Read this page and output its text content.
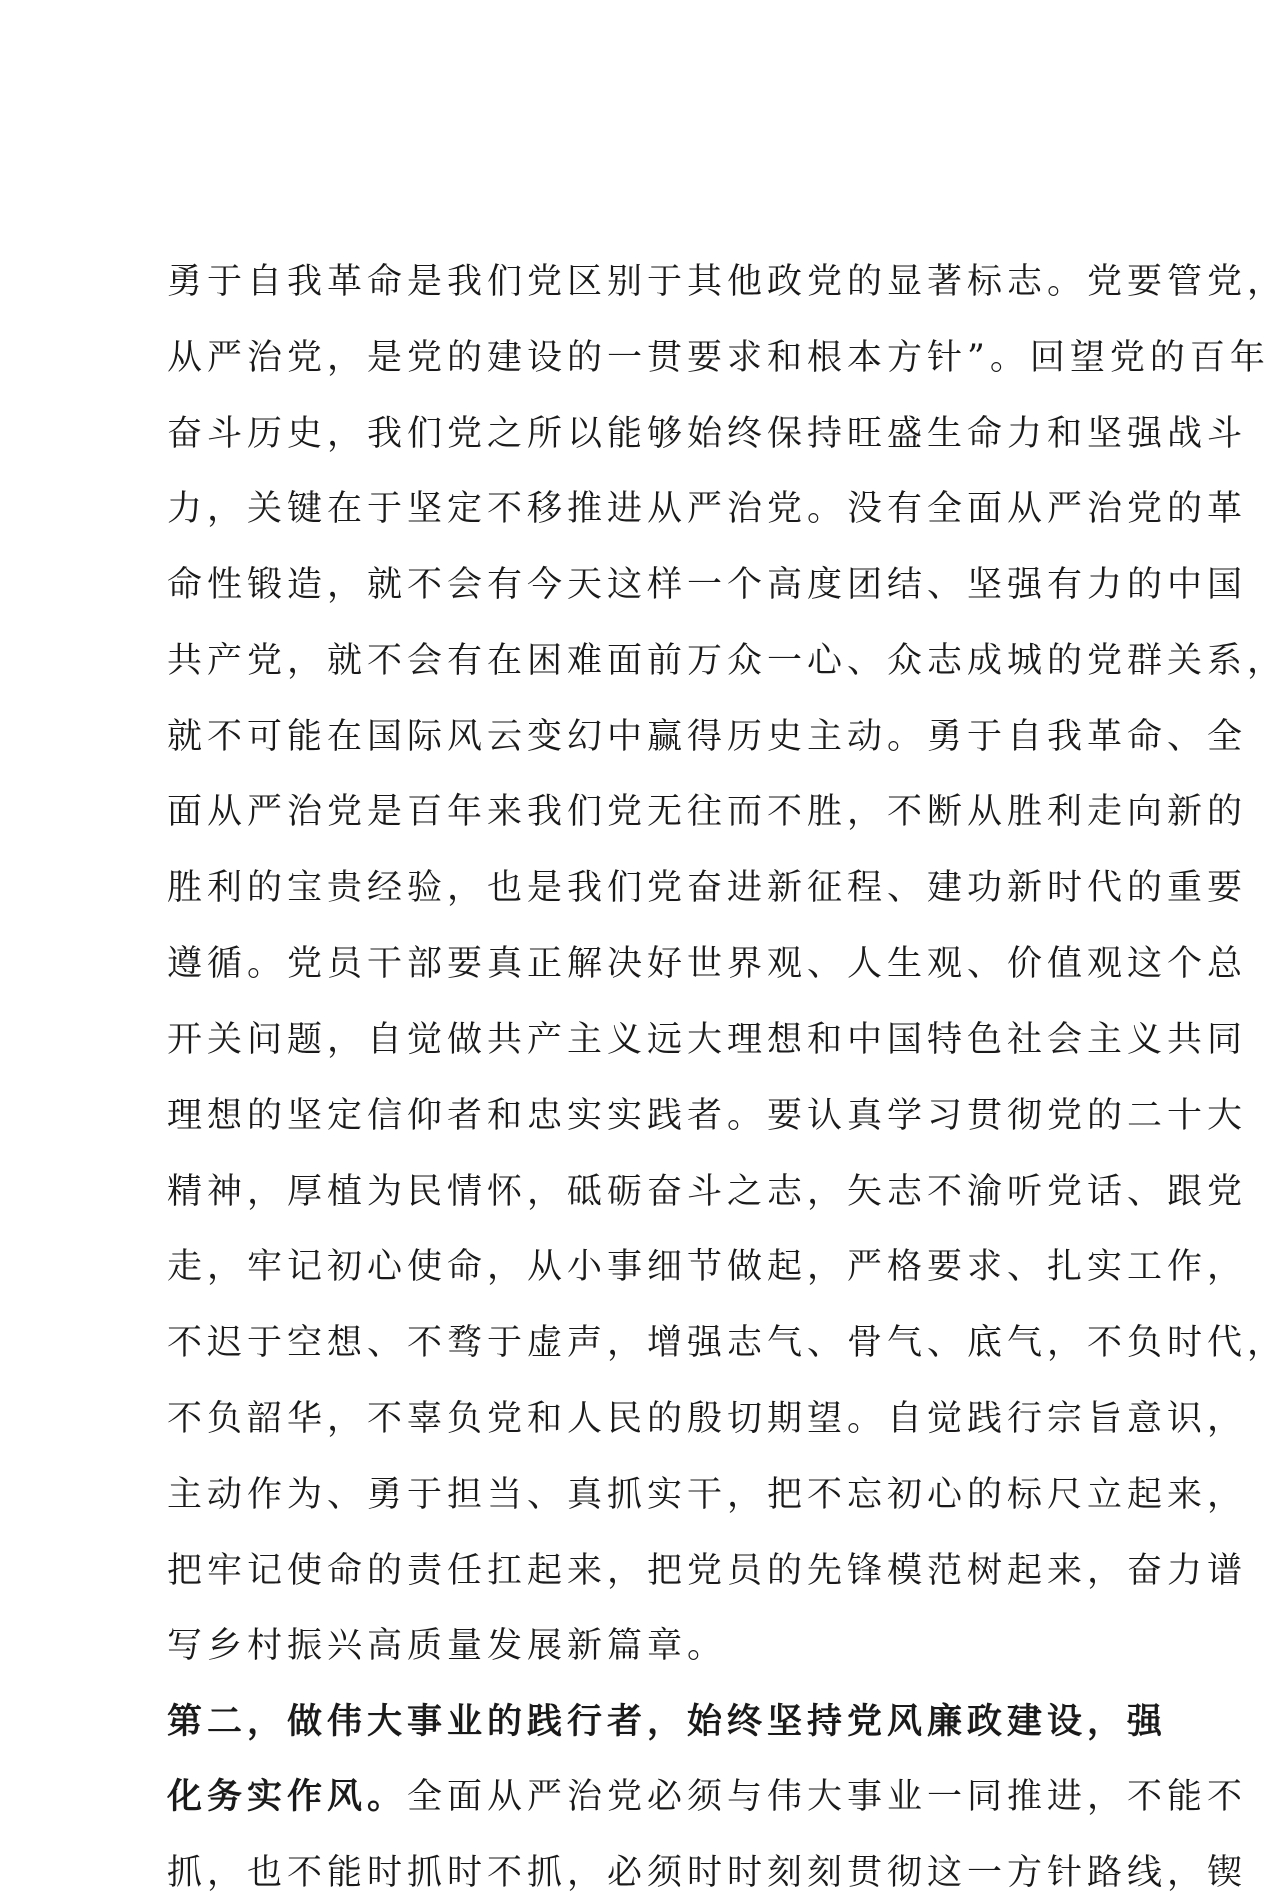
勇于自我革命是我们党区别于其他政党的显著标志。党要管党，
从严治党，是党的建设的一贯要求和根本方针”。回望党的百年
奋斗历史，我们党之所以能够始终保持旺盛生命力和坚强战斗
力，关键在于坚定不移推进从严治党。没有全面从严治党的革
命性锻造，就不会有今天这样一个高度团结、坚强有力的中国
共产党，就不会有在困难面前万众一心、众志成城的党群关系，
就不可能在国际风云变幻中赢得历史主动。勇于自我革命、全
面从严治党是百年来我们党无往而不胜，不断从胜利走向新的
胜利的宝贵经验，也是我们党奋进新征程、建功新时代的重要
遵循。党员干部要真正解决好世界观、人生观、价值观这个总
开关问题，自觉做共产主义远大理想和中国特色社会主义共同
理想的坚定信仰者和忠实实践者。要认真学习贯彻党的二十大
精神，厚植为民情怀，砥砺奋斗之志，矢志不渝听党话、跟党
走，牢记初心使命，从小事细节做起，严格要求、扎实工作，
不迟于空想、不骛于虚声，增强志气、骨气、底气，不负时代，
不负韶华，不辜负党和人民的殷切期望。自觉践行宗旨意识，
主动作为、勇于担当、真抓实干，把不忘初心的标尺立起来，
把牢记使命的责任扛起来，把党员的先锋模范树起来，奋力谱
写乡村振兴高质量发展新篇章。
第二，做伟大事业的践行者，始终坚持党风廉政建设，强
化务实作风。全面从严治党必须与伟大事业一同推进，不能不
抓，也不能时抓时不抓，必须时时刻刻贯彻这一方针路线，锲
